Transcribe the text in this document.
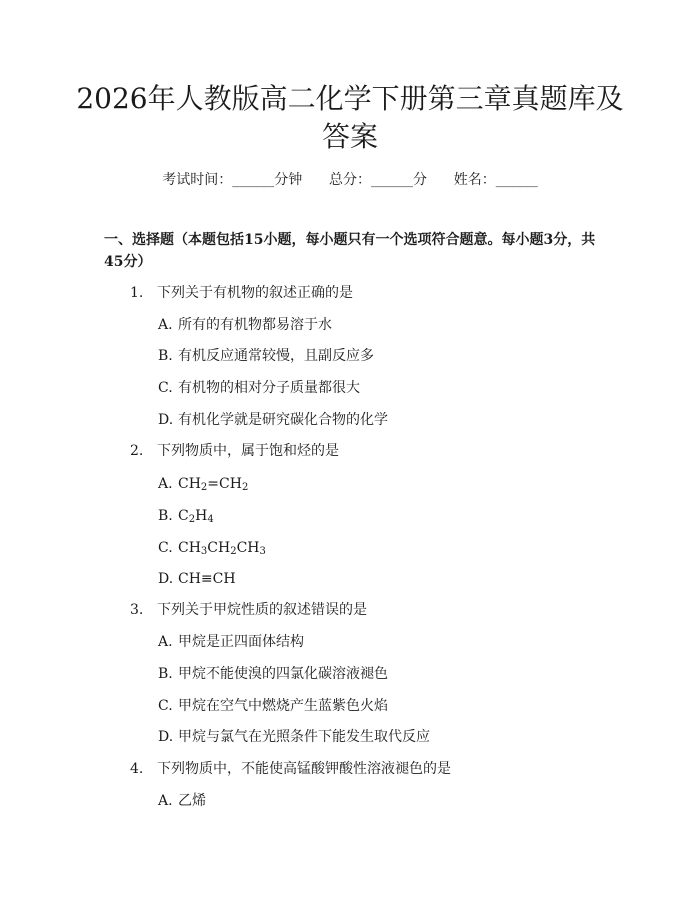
2026年人教版高二化学下册第三章真题库及
答案
考试时间：______分钟      总分：______分      姓名：______
一、选择题（本题包括15小题，每小题只有一个选项符合题意。每小题3分，共45分）
1. 下列关于有机物的叙述正确的是
A. 所有的有机物都易溶于水
B. 有机反应通常较慢，且副反应多
C. 有机物的相对分子质量都很大
D. 有机化学就是研究碳化合物的化学
2. 下列物质中，属于饱和烃的是
A. $CH_2=CH_2$
B. $C_2H_4$
C. $CH_3CH_2CH_3$
D. CH≡CH
3. 下列关于甲烷性质的叙述错误的是
A. 甲烷是正四面体结构
B. 甲烷不能使溴的四氯化碳溶液褪色
C. 甲烷在空气中燃烧产生蓝紫色火焰
D. 甲烷与氯气在光照条件下能发生取代反应
4. 下列物质中，不能使高锰酸钾酸性溶液褪色的是
A. 乙烯
